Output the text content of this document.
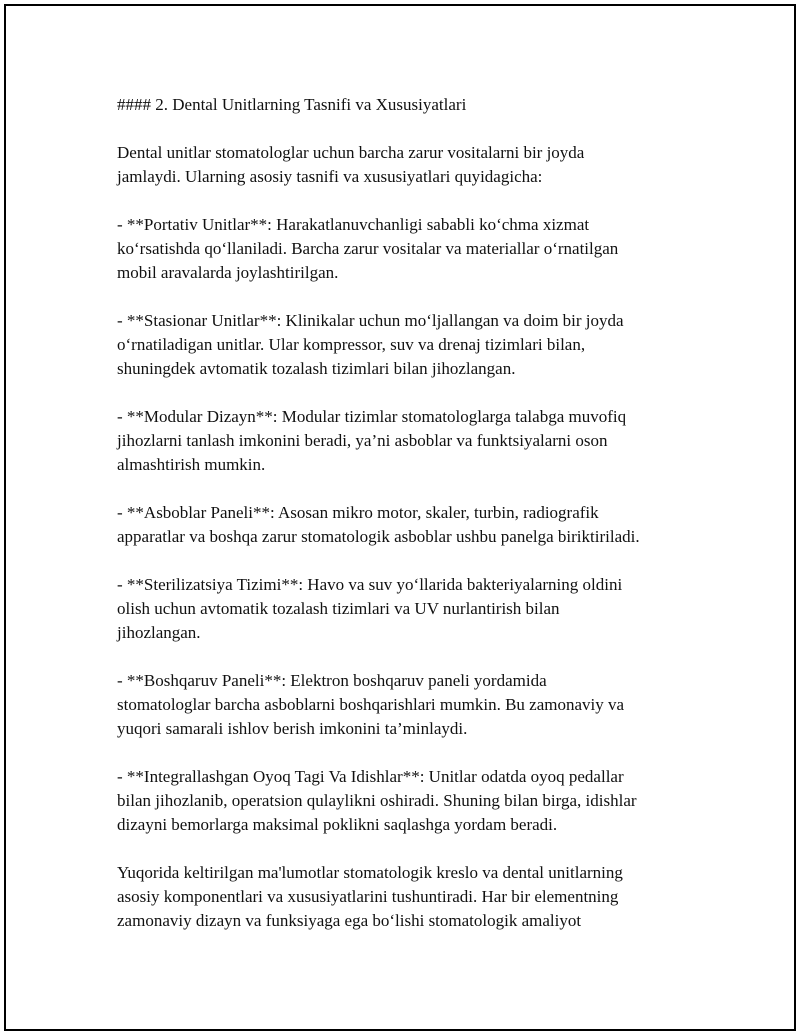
#### 2. Dental Unitlarning Tasnifi va Xususiyatlari
Dental unitlar stomatologlar uchun barcha zarur vositalarni bir joyda
jamlaydi. Ularning asosiy tasnifi va xususiyatlari quyidagicha:
- **Portativ Unitlar**: Harakatlanuvchanligi sababli ko‘chma xizmat
ko‘rsatishda qo‘llaniladi. Barcha zarur vositalar va materiallar o‘rnatilgan
mobil aravalarda joylashtirilgan.
- **Stasionar Unitlar**: Klinikalar uchun mo‘ljallangan va doim bir joyda
o‘rnatiladigan unitlar. Ular kompressor, suv va drenaj tizimlari bilan,
shuningdek avtomatik tozalash tizimlari bilan jihozlangan.
- **Modular Dizayn**: Modular tizimlar stomatologlarga talabga muvofiq
jihozlarni tanlash imkonini beradi, ya’ni asboblar va funktsiyalarni oson
almashtirish mumkin.
- **Asboblar Paneli**: Asosan mikro motor, skaler, turbin, radiografik
apparatlar va boshqa zarur stomatologik asboblar ushbu panelga biriktiriladi.
- **Sterilizatsiya Tizimi**: Havo va suv yo‘llarida bakteriyalarning oldini
olish uchun avtomatik tozalash tizimlari va UV nurlantirish bilan
jihozlangan.
- **Boshqaruv Paneli**: Elektron boshqaruv paneli yordamida
stomatologlar barcha asboblarni boshqarishlari mumkin. Bu zamonaviy va
yuqori samarali ishlov berish imkonini ta’minlaydi.
- **Integrallashgan Oyoq Tagi Va Idishlar**: Unitlar odatda oyoq pedallar
bilan jihozlanib, operatsion qulaylikni oshiradi. Shuning bilan birga, idishlar
dizayni bemorlarga maksimal poklikni saqlashga yordam beradi.
Yuqorida keltirilgan ma'lumotlar stomatologik kreslo va dental unitlarning
asosiy komponentlari va xususiyatlarini tushuntiradi. Har bir elementning
zamonaviy dizayn va funksiyaga ega bo‘lishi stomatologik amaliyot
